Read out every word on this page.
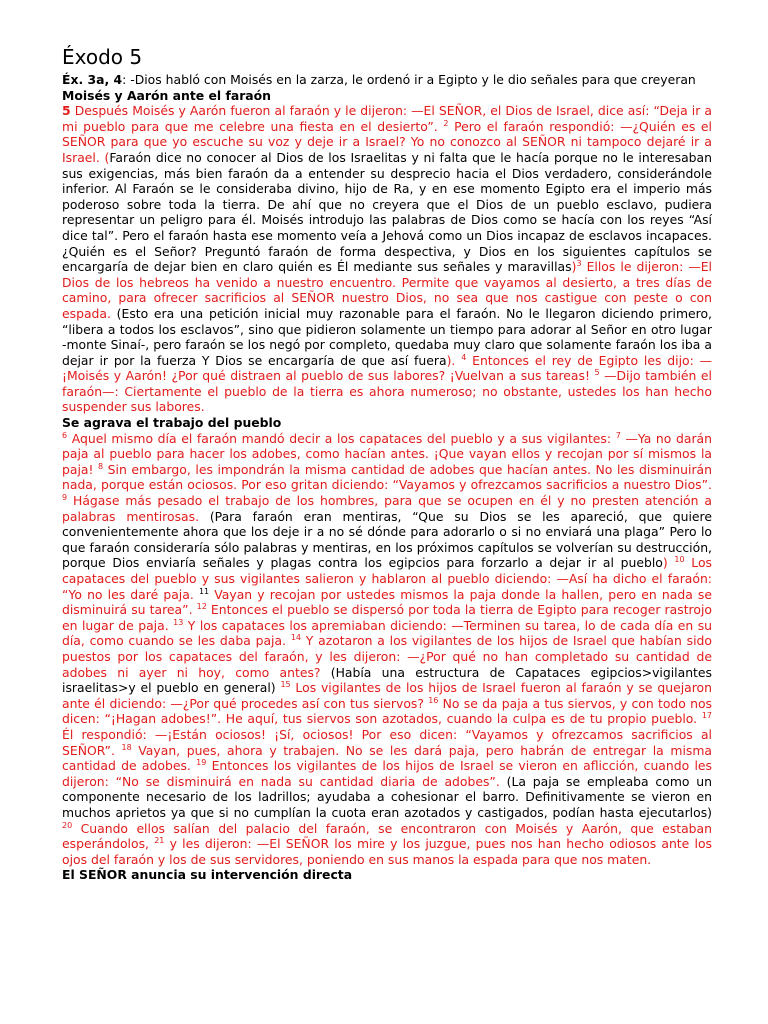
Éxodo 5
Éx. 3a, 4: -Dios habló con Moisés en la zarza, le ordenó ir a Egipto y le dio señales para que creyeran
Moisés y Aarón ante el faraón

5 Después Moisés y Aarón fueron al faraón y le dijeron: —El SEÑOR, el Dios de Israel, dice así: “Deja ir a mi pueblo para que me celebre una fiesta en el desierto”. $^2$ Pero el faraón respondió: —¿Quién es el SEÑOR para que yo escuche su voz y deje ir a Israel? Yo no conozco al SEÑOR ni tampoco dejaré ir a Israel. (Faraón dice no conocer al Dios de los Israelitas y ni falta que le hacía porque no le interesaban sus exigencias, más bien faraón da a entender su desprecio hacia el Dios verdadero, considerándole inferior. Al Faraón se le consideraba divino, hijo de Ra, y en ese momento Egipto era el imperio más poderoso sobre toda la tierra. De ahí que no creyera que el Dios de un pueblo esclavo, pudiera representar un peligro para él. Moisés introdujo las palabras de Dios como se hacía con los reyes “Así dice tal”. Pero el faraón hasta ese momento veía a Jehová como un Dios incapaz de esclavos incapaces. ¿Quién es el Señor? Preguntó faraón de forma despectiva, y Dios en los siguientes capítulos se encargaría de dejar bien en claro quién es Él mediante sus señales y maravillas)$^3$ Ellos le dijeron: —El Dios de los hebreos ha venido a nuestro encuentro. Permite que vayamos al desierto, a tres días de camino, para ofrecer sacrificios al SEÑOR nuestro Dios, no sea que nos castigue con peste o con espada. (Esto era una petición inicial muy razonable para el faraón. No le llegaron diciendo primero, “libera a todos los esclavos”, sino que pidieron solamente un tiempo para adorar al Señor en otro lugar -monte Sinaí-, pero faraón se los negó por completo, quedaba muy claro que solamente faraón los iba a dejar ir por la fuerza Y Dios se encargaría de que así fuera). $^4$ Entonces el rey de Egipto les dijo: —¡Moisés y Aarón! ¿Por qué distraen al pueblo de sus labores? ¡Vuelvan a sus tareas! $^5$ —Dijo también el faraón—: Ciertamente el pueblo de la tierra es ahora numeroso; no obstante, ustedes los han hecho suspender sus labores.

Se agrava el trabajo del pueblo

$^6$ Aquel mismo día el faraón mandó decir a los capataces del pueblo y a sus vigilantes: $^7$ —Ya no darán paja al pueblo para hacer los adobes, como hacían antes. ¡Que vayan ellos y recojan por sí mismos la paja! $^8$ Sin embargo, les impondrán la misma cantidad de adobes que hacían antes. No les disminuirán nada, porque están ociosos. Por eso gritan diciendo: “Vayamos y ofrezcamos sacrificios a nuestro Dios”. $^9$ Hágase más pesado el trabajo de los hombres, para que se ocupen en él y no presten atención a palabras mentirosas. (Para faraón eran mentiras, “Que su Dios se les apareció, que quiere convenientemente ahora que los deje ir a no sé dónde para adorarlo o si no enviará una plaga” Pero lo que faraón consideraría sólo palabras y mentiras, en los próximos capítulos se volverían su destrucción, porque Dios enviaría señales y plagas contra los egipcios para forzarlo a dejar ir al pueblo) $^{10}$ Los capataces del pueblo y sus vigilantes salieron y hablaron al pueblo diciendo: —Así ha dicho el faraón: “Yo no les daré paja. $^{11}$ Vayan y recojan por ustedes mismos la paja donde la hallen, pero en nada se disminuirá su tarea”. $^{12}$ Entonces el pueblo se dispersó por toda la tierra de Egipto para recoger rastrojo en lugar de paja. $^{13}$ Y los capataces los apremiaban diciendo: —Terminen su tarea, lo de cada día en su día, como cuando se les daba paja. $^{14}$ Y azotaron a los vigilantes de los hijos de Israel que habían sido puestos por los capataces del faraón, y les dijeron: —¿Por qué no han completado su cantidad de adobes ni ayer ni hoy, como antes? (Había una estructura de Capataces egipcios>vigilantes israelitas>y el pueblo en general) $^{15}$ Los vigilantes de los hijos de Israel fueron al faraón y se quejaron ante él diciendo: —¿Por qué procedes así con tus siervos? $^{16}$ No se da paja a tus siervos, y con todo nos dicen: “¡Hagan adobes!”. He aquí, tus siervos son azotados, cuando la culpa es de tu propio pueblo. $^{17}$ Él respondió: —¡Están ociosos! ¡Sí, ociosos! Por eso dicen: “Vayamos y ofrezcamos sacrificios al SEÑOR”. $^{18}$ Vayan, pues, ahora y trabajen. No se les dará paja, pero habrán de entregar la misma cantidad de adobes. $^{19}$ Entonces los vigilantes de los hijos de Israel se vieron en aflicción, cuando les dijeron: “No se disminuirá en nada su cantidad diaria de adobes”. (La paja se empleaba como un componente necesario de los ladrillos; ayudaba a cohesionar el barro. Definitivamente se vieron en muchos aprietos ya que si no cumplían la cuota eran azotados y castigados, podían hasta ejecutarlos) $^{20}$ Cuando ellos salían del palacio del faraón, se encontraron con Moisés y Aarón, que estaban esperándolos, $^{21}$ y les dijeron: —El SEÑOR los mire y los juzgue, pues nos han hecho odiosos ante los ojos del faraón y los de sus servidores, poniendo en sus manos la espada para que nos maten.

El SEÑOR anuncia su intervención directa
